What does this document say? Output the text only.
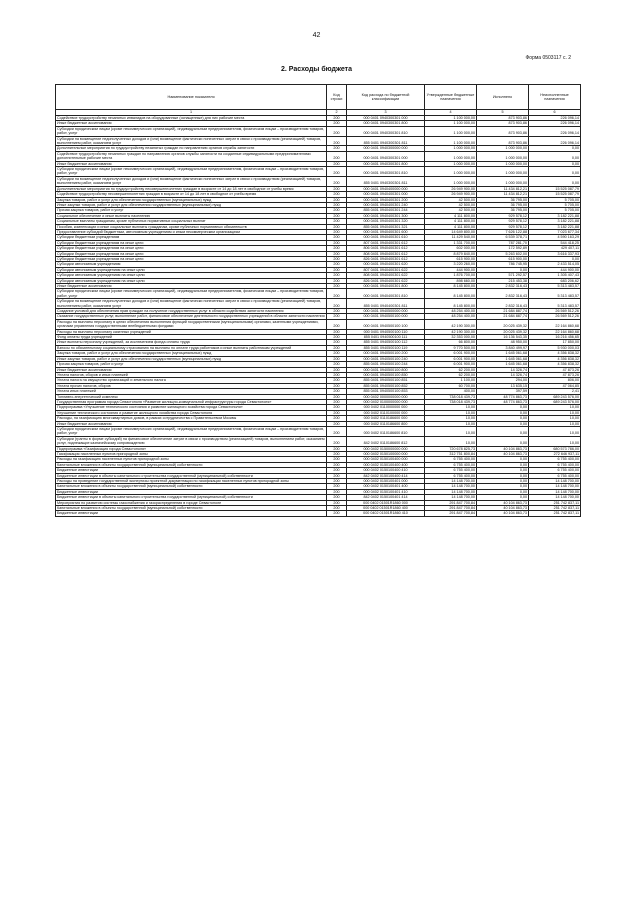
42
Форма 0503117 с. 2
2. Расходы бюджета
Наименование показателя	Код строки	Код расхода по бюджетной классификации	Утвержденные бюджетные назначения	Исполнено	Неисполненные назначения
1	2	3	4	5	6
Содействие трудоустройству незанятых инвалидов на оборудованные (оснащенные) для них рабочие места	200	000 0401 0940300301 000	1 100 000,00	873 903,86	226 096,14
Иные бюджетные ассигнования	200	000 0401 0940300301 800	1 100 000,00	873 903,86	226 096,14
Субсидии юридическим лицам (кроме некоммерческих организаций), индивидуальным предпринимателям, физическим лицам – производителям товаров, работ, услуг	200	000 0401 0940300301 810	1 100 000,00	873 903,86	226 096,14
Субсидии на возмещение недополученных доходов и (или) возмещение фактически понесенных затрат в связи с производством (реализацией) товаров, выполнением работ, оказанием услуг	200	855 0401 0940300301 811	1 100 000,00	873 903,86	226 096,14
Дополнительные мероприятия по трудоустройству незанятых граждан по направлению органов службы занятости	200	000 0401 0940300000 000	1 000 000,00	1 000 000,00	0,00
Содействие трудоустройству незанятых граждан по направлению органов службы занятости на созданные индивидуальными предпринимателями дополнительные рабочие места	200	000 0401 0940300301 000	1 000 000,00	1 000 000,00	0,00
Иные бюджетные ассигнования	200	000 0401 0940300301 800	1 000 000,00	1 000 000,00	0,00
Субсидии юридическим лицам (кроме некоммерческих организаций), индивидуальным предпринимателям, физическим лицам – производителям товаров, работ, услуг	200	000 0401 0940300301 810	1 000 000,00	1 000 000,00	0,00
Субсидии на возмещение недополученных доходов и (или) возмещение фактически понесенных затрат в связи с производством (реализацией) товаров, выполнением работ, оказанием услуг	200	855 0401 0940300301 811	1 000 000,00	1 000 000,00	0,00
Дополнительные мероприятия по трудоустройству несовершеннолетних граждан в возрасте от 14 до 18 лет в свободное от учебы время	200	000 0401 0940400000 000	26 949 900,00	11 434 812,21	15 525 087,79
Содействие трудоустройству несовершеннолетних граждан в возрасте от 14 до 18 лет в свободное от учебы время	200	000 0401 0940400301 000	26 949 900,00	11 434 812,21	15 525 087,79
Закупка товаров, работ и услуг для обеспечения государственных (муниципальных) нужд	200	000 0401 0940400301 200	42 500,00	36 795,00	5 705,00
Иные закупки товаров, работ и услуг для обеспечения государственных (муниципальных) нужд	200	000 0401 0940400301 240	42 500,00	36 795,00	5 705,00
Прочая закупка товаров, работ и услуг	200	855 0401 0940400301 244	42 500,00	36 795,00	5 705,00
Социальное обеспечение и иные выплаты населению	200	000 0401 0940400301 300	4 111 800,00	929 578,12	3 182 221,88
Социальные выплаты гражданам, кроме публичных нормативных социальных выплат	200	000 0401 0940400301 320	4 111 800,00	929 578,12	3 182 221,88
Пособия, компенсации и иные социальные выплаты гражданам, кроме публичных нормативных обязательств	200	855 0401 0940400301 321	4 111 800,00	929 578,12	3 182 221,88
Предоставление субсидий бюджетным, автономным учреждениям и иным некоммерческим организациям	200	000 0401 0940400301 600	14 649 800,00	7 626 122,88	7 023 677,34
Субсидии бюджетным учреждениям	200	000 0401 0940400301 610	11 429 540,00	6 539 378,71	4 590 163,29
Субсидии бюджетным учреждениям на иные цели	200	807 0401 0940400301 612	1 331 700,00	787 281,70	544 418,25
Субсидии бюджетным учреждениям на иные цели	200	806 0401 0940400301 612	602 000,00	172 592,89	429 407,11
Субсидии бюджетным учреждениям на иные цели	200	808 0401 0940400301 612	8 879 840,00	5 263 602,00	3 616 337,93
Субсидии бюджетным учреждениям на иные цели	200	826 0401 0940400301 612	615 900,00	615 900,00	0,00
Субсидии автономным учреждениям	200	000 0401 0940400301 620	3 220 260,00	786 745,95	2 433 514,05
Субсидии автономным учреждениям на иные цели	200	807 0401 0940400301 622	444 900,00	0,00	444 900,00
Субсидии автономным учреждениям на иные цели	200	808 0401 0940400301 622	1 876 700,00	571 292,57	1 305 407,43
Субсидии автономным учреждениям на иные цели	200	826 0401 0940400301 622	898 660,00	215 453,38	683 206,62
Иные бюджетные ассигнования	200	000 0401 0940400301 800	8 145 800,00	2 832 316,43	5 313 483,57
Субсидии юридическим лицам (кроме некоммерческих организаций), индивидуальным предпринимателям, физическим лицам – производителям товаров, работ, услуг	200	000 0401 0940400301 810	8 145 800,00	2 832 316,43	5 313 483,57
Субсидии на возмещение недополученных доходов и (или) возмещение фактически понесенных затрат в связи с производством (реализацией) товаров, выполнением работ, оказанием услуг	200	855 0401 0940400301 811	8 145 800,00	2 832 316,43	5 313 483,57
Создание условий для обеспечения прав граждан на получение государственных услуг в области содействия занятости населения	200	000 0401 0940500000 000	48 254 400,00	21 684 887,74	26 569 512,26
Оказание государственных услуг, выполнение работ, финансовое обеспечение деятельности государственных учреждений в области занятости населения	200	000 0401 0940500100 000	48 254 400,00	21 684 887,74	26 569 512,26
Расходы на выплаты персоналу в целях обеспечения выполнения функций государственными (муниципальными) органами, казенными учреждениями, органами управления государственными внебюджетными фондами	200	000 0401 0940500100 100	42 190 300,00	20 025 439,32	22 164 860,68
Расходы на выплаты персоналу казенных учреждений	200	000 0401 0940500100 110	42 190 300,00	20 025 439,32	22 164 860,68
Фонд оплаты труда учреждений	200	855 0401 0940500100 111	32 353 000,00	16 136 543,35	16 216 456,65
Иные выплаты персоналу учреждений, за исключением фонда оплаты труда	200	855 0401 0940500100 112	66 800,00	48 950,00	17 850,00
Взносы по обязательному социальному страхованию на выплаты по оплате труда работников и иные выплаты работникам учреждений	200	855 0401 0940500100 119	9 770 500,00	3 840 499,97	5 930 000,03
Закупка товаров, работ и услуг для обеспечения государственных (муниципальных) нужд	200	000 0401 0940500100 200	6 001 900,00	1 645 061,68	4 356 838,32
Иные закупки товаров, работ и услуг для обеспечения государственных (муниципальных) нужд	200	000 0401 0940500100 240	6 001 900,00	1 645 061,68	4 356 838,32
Прочая закупка товаров, работ и услуг	200	855 0401 0940500100 244	6 001 900,00	1 645 061,68	4 356 838,32
Иные бюджетные ассигнования	200	000 0401 0940500100 800	62 200,00	14 326,74	47 873,26
Уплата налогов, сборов и иных платежей	200	000 0401 0940500100 850	62 200,00	14 326,74	47 873,26
Уплата налога на имущество организаций и земельного налога	200	855 0401 0940500100 851	1 100,00	294,00	806,00
Уплата прочих налогов, сборов	200	855 0401 0940500100 852	60 700,00	13 635,15	47 064,85
Уплата иных платежей	200	855 0401 0940500100 853	400,00	397,59	2,41
Топливно-энергетический комплекс	200	000 0402 0000000000 000	738 018 439,73	48 774 863,73	689 243 576,00
Государственная программа города Севастополя «Развитие жилищно-коммунальной инфраструктуры города Севастополя»	200	000 0402 0100000000 000	738 018 439,73	48 774 863,73	689 243 576,00
Подпрограмма «Улучшение технического состояния и развитие жилищного хозяйства города Севастополя»	200	000 0402 0110000000 000	10,00	0,00	10,00
Улучшение технического состояния и развитие жилищного хозяйства города Севастополя	200	000 0402 0110100000 000	10,00	0,00	10,00
Расходы, на газификацию многоквартирных домов, в рамках сотрудничества с Правительством Москвы	200	000 0402 0110186600 000	10,00	0,00	10,00
Иные бюджетные ассигнования	200	000 0402 0110186600 800	10,00	0,00	10,00
Субсидии юридическим лицам (кроме некоммерческих организаций), индивидуальным предпринимателям, физическим лицам – производителям товаров, работ, услуг	200	000 0402 0110186600 810	10,00	0,00	10,00
Субсидии (гранты в форме субсидий) на финансовое обеспечение затрат в связи с производством (реализацией) товаров, выполнением работ, оказанием услуг, подлежащие казначейскому сопровождению	200	842 0402 0110186600 812	10,00	0,00	10,00
Подпрограмма «Газификация города Севастополя»	200	000 0402 0150000000 000	720 678 825,73	40 104 863,73	680 573 786,00
Газификация населенных пунктов пригородной зоны	200	000 0402 0150100000 000	312 751 800,84	40 104 863,73	272 646 937,11
Расходы на газификацию населенных пунктов пригородной зоны	200	000 0402 0150100400 000	6 755 400,00	0,00	6 755 400,00
Капитальные вложения в объекты государственной (муниципальной) собственности	200	000 0402 0150100400 400	6 755 400,00	0,00	6 755 400,00
Бюджетные инвестиции	200	000 0402 0150100400 410	6 755 400,00	0,00	6 755 400,00
Бюджетные инвестиции в объекты капитального строительства государственной (муниципальной) собственности	200	842 0402 0150100400 414	6 755 400,00	0,00	6 755 400,00
Расходы на проведение государственной экспертизы проектной документации по газификации населенных пунктов пригородной зоны	200	000 0402 0150100401 000	14 148 700,00	0,00	14 148 700,00
Капитальные вложения в объекты государственной (муниципальной) собственности	200	000 0402 0150100401 400	14 148 700,00	0,00	14 148 700,00
Бюджетные инвестиции	200	000 0402 0150100401 410	14 148 700,00	0,00	14 148 700,00
Бюджетные инвестиции в объекты капитального строительства государственной (муниципальной) собственности	200	842 0402 0150100401 414	14 148 700,00	0,00	14 148 700,00
Мероприятия по развитию системы газоснабжения и газораспределения в городе Севастополе	200	000 0402 01501R1860 000	291 847 700,84	40 104 863,73	251 742 837,11
Капитальные вложения в объекты государственной (муниципальной) собственности	200	000 0402 01501R1860 400	291 847 700,84	40 104 863,73	251 742 837,11
Бюджетные инвестиции	200	000 0402 01501R1860 410	291 847 700,84	40 104 863,73	251 742 837,11
